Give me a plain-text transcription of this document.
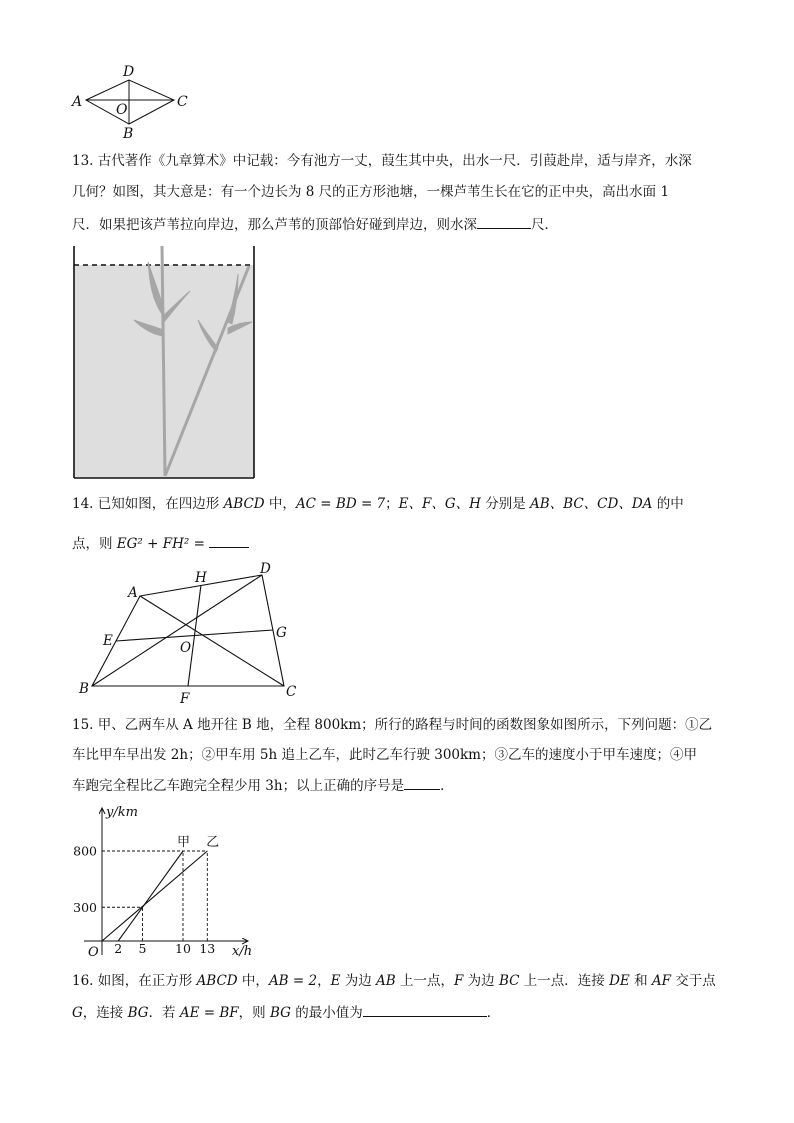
A
B
C
D
O
13. 古代著作《九章算术》中记载：今有池方一丈，葭生其中央，出水一尺．引葭赴岸，适与岸齐，水深
几何？如图，其大意是：有一个边长为 8 尺的正方形池塘，一棵芦苇生长在它的正中央，高出水面 1
尺．如果把该芦苇拉向岸边，那么芦苇的顶部恰好碰到岸边，则水深	尺．
14. 已知如图，在四边形 ABCD 中，AC = BD = 7；E、F、G、H 分别是 AB、BC、CD、DA 的中
点，则 EG² + FH² =
A
B	C
D
E
F
G
H
O
15. 甲、乙两车从 A 地开往 B 地，全程 800km；所行的路程与时间的函数图象如图所示，下列问题：①乙
车比甲车早出发 2h；②甲车用 5h 追上乙车，此时乙车行驶 300km；③乙车的速度小于甲车速度；④甲
车跑完全程比乙车跑完全程少用 3h；以上正确的序号是	．
y/km
x/h
O
甲 乙
2 5 10 13
300
800
16. 如图，在正方形 ABCD 中，AB = 2，E 为边 AB 上一点，F 为边 BC 上一点．连接 DE 和 AF 交于点
G，连接 BG．若 AE = BF，则 BG 的最小值为	．
